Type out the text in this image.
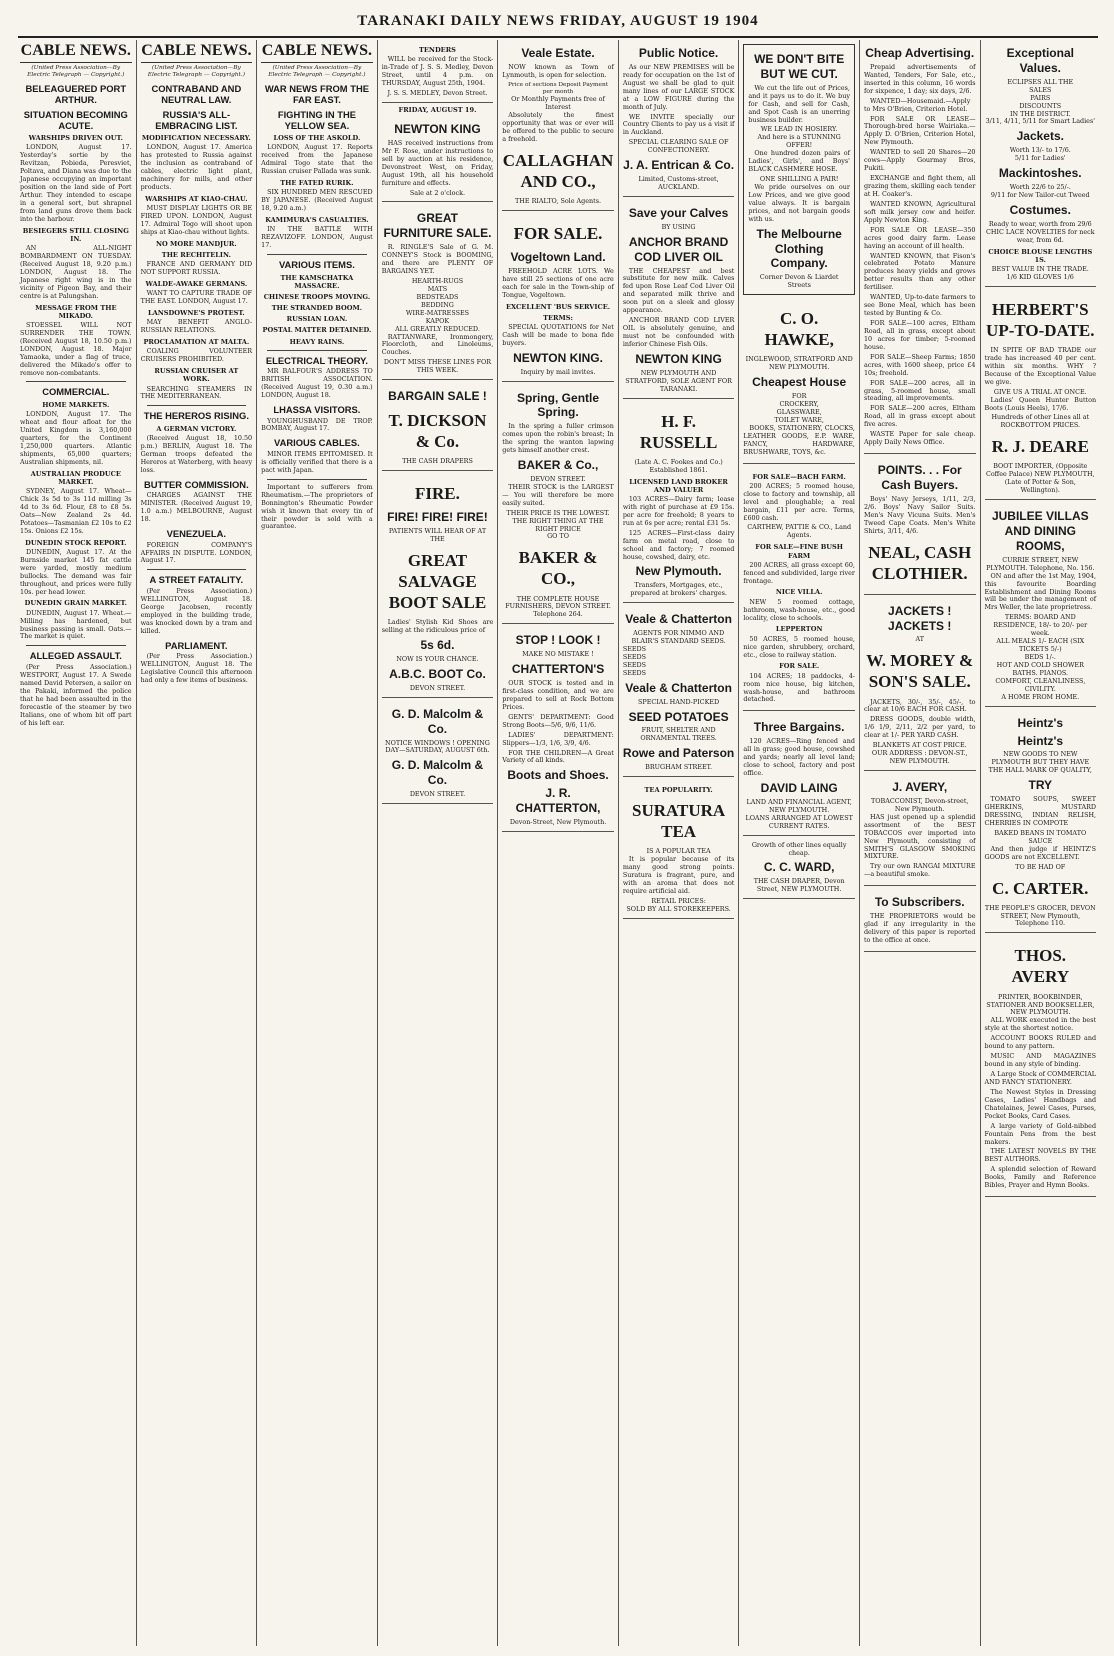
TARANAKI DAILY NEWS FRIDAY, AUGUST 19 1904
CABLE NEWS.
(United Press Association—By Electric Telegraph — Copyright.)
BELEAGUERED PORT ARTHUR.
SITUATION BECOMING ACUTE.
WARSHIPS DRIVEN OUT.

LONDON, August 17. Yesterday's sortie by the Revitzan, Pobieda, Peresviet, Poltava, and Diana was due to the Japanese occupying an important position on the land side of Port Arthur. They intended to escape in a general sort, but shrapnel from land guns drove them back into the harbour.

BESIEGERS STILL CLOSING IN.

AN ALL-NIGHT BOMBARDMENT ON TUESDAY. (Received August 18, 9.20 p.m.) LONDON, August 18. The Japanese right wing is in the vicinity of Pigeon Bay, and their centre is at Palungshan.

MESSAGE FROM THE MIKADO.

STOESSEL WILL NOT SURRENDER THE TOWN. (Received August 18, 10.50 p.m.) LONDON, August 18. Major Yamaoka, under a flag of truce, delivered the Mikado's offer to remove non-combatants.

COMMERCIAL.
HOME MARKETS.

LONDON, August 17. The wheat and flour afloat for the United Kingdom is 3,160,000 quarters, for the Continent 1,250,000 quarters. Atlantic shipments, 65,000 quarters; Australian shipments, nil.

AUSTRALIAN PRODUCE MARKET.

SYDNEY, August 17. Wheat—Chick 3s 5d to 3s 11d milling 3s 4d to 3s 6d. Flour, £8 to £8 5s. Oats—New Zealand 2s 4d. Potatoes—Tasmanian £2 10s to £2 15s. Onions £2 15s.

DUNEDIN STOCK REPORT.

DUNEDIN, August 17. At the Burnside market 145 fat cattle were yarded, mostly medium bullocks. The demand was fair throughout, and prices were fully 10s. per head lower.

DUNEDIN GRAIN MARKET.

DUNEDIN, August 17. Wheat.—Milling has hardened, but business passing is small. Oats.—The market is quiet.

ALLEGED ASSAULT.

(Per Press Association.) WESTPORT, August 17. A Swede named David Petersen, a sailor on the Pakaki, informed the police that he had been assaulted in the forecastle of the steamer by two Italians, one of whom bit off part of his left ear.

CABLE NEWS.
(United Press Association—By Electric Telegraph — Copyright.)
CONTRABAND AND NEUTRAL LAW.
RUSSIA'S ALL-EMBRACING LIST.
MODIFICATION NECESSARY.

LONDON, August 17. America has protested to Russia against the inclusion as contraband of cables, electric light plant, machinery for mills, and other products.

WARSHIPS AT KIAO-CHAU.

MUST DISPLAY LIGHTS OR BE FIRED UPON. LONDON, August 17. Admiral Togo will shoot upon ships at Kiao-chau without lights.

NO MORE MANDJUR.
THE RECHITELIN.

FRANCE AND GERMANY DID NOT SUPPORT RUSSIA.

WALDE-AWAKE GERMANS.

WANT TO CAPTURE TRADE OF THE EAST. LONDON, August 17.

LANSDOWNE'S PROTEST.

MAY BENEFIT ANGLO-RUSSIAN RELATIONS.

PROCLAMATION AT MALTA.

COALING VOLUNTEER CRUISERS PROHIBITED.

RUSSIAN CRUISER AT WORK.

SEARCHING STEAMERS IN THE MEDITERRANEAN.

THE HEREROS RISING.
A GERMAN VICTORY.

(Received August 18, 10.50 p.m.) BERLIN, August 18. The German troops defeated the Hereros at Waterberg, with heavy loss.

BUTTER COMMISSION.

CHARGES AGAINST THE MINISTER. (Received August 19, 1.0 a.m.) MELBOURNE, August 18.

VENEZUELA.

FOREIGN COMPANY'S AFFAIRS IN DISPUTE. LONDON, August 17.

A STREET FATALITY.

(Per Press Association.) WELLINGTON, August 18. George Jacobsen, recently employed in the building trade, was knocked down by a tram and killed.

PARLIAMENT.

(Per Press Association.) WELLINGTON, August 18. The Legislative Council this afternoon had only a few items of business.

CABLE NEWS.
(United Press Association—By Electric Telegraph — Copyright.)
WAR NEWS FROM THE FAR EAST.
FIGHTING IN THE YELLOW SEA.
LOSS OF THE ASKOLD.

LONDON, August 17. Reports received from the Japanese Admiral Togo state that the Russian cruiser Pallada was sunk.

THE FATED RURIK.

SIX HUNDRED MEN RESCUED BY JAPANESE. (Received August 18, 9.20 a.m.)

KAMIMURA'S CASUALTIES.

IN THE BATTLE WITH REZAVIZOFF. LONDON, August 17.

VARIOUS ITEMS.
THE KAMSCHATKA MASSACRE.
CHINESE TROOPS MOVING.
THE STRANDED BOOM.
RUSSIAN LOAN.
POSTAL MATTER DETAINED.
HEAVY RAINS.
ELECTRICAL THEORY.

MR BALFOUR'S ADDRESS TO BRITISH ASSOCIATION. (Received August 19, 0.30 a.m.) LONDON, August 18.

LHASSA VISITORS.

YOUNGHUSBAND DE TROP. BOMBAY, August 17.

VARIOUS CABLES.

MINOR ITEMS EPITOMISED. It is officially verified that there is a pact with Japan.

Important to sufferers from Rheumatism.—The proprietors of Bonnington's Rheumatic Powder wish it known that every tin of their powder is sold with a guarantee.

TENDERS

WILL be received for the Stock-in-Trade of J. S. S. Medley, Devon Street, until 4 p.m. on THURSDAY, August 25th, 1904.

J. S. S. MEDLEY, Devon Street.
FRIDAY, AUGUST 19.
NEWTON KING

HAS received instructions from Mr F. Rose, under instructions to sell by auction at his residence, Devonstreet West, on Friday, August 19th, all his household furniture and effects.

Sale at 2 o'clock.
GREAT FURNITURE SALE.

R. RINGLE'S Sale of G. M. CONNEY'S Stock is BOOMING, and there are PLENTY OF BARGAINS YET.

HEARTH-RUGS
MATS
BEDSTEADS
BEDDING
WIRE-MATRESSES
KAPOK
ALL GREATLY REDUCED.

RATTANWARE, Ironmongery, Floorcloth, and Linoleums, Couches.

DON'T MISS THESE LINES FOR THIS WEEK.
BARGAIN SALE !
T. DICKSON & Co.
THE CASH DRAPERS
FIRE.
FIRE! FIRE! FIRE!
PATIENTS WILL HEAR OF AT THE
GREAT SALVAGE BOOT SALE

Ladies' Stylish Kid Shoes are selling at the ridiculous price of

5s 6d.
NOW IS YOUR CHANCE.
A.B.C. BOOT Co.
DEVON STREET.
G. D. Malcolm & Co.
NOTICE WINDOWS ! OPENING DAY—SATURDAY, AUGUST 6th.
G. D. Malcolm & Co.
DEVON STREET.
Veale Estate.

NOW known as Town of Lynmouth, is open for selection.

Price of sections Deposit Payment per month
Or Monthly Payments free of Interest

Absolutely the finest opportunity that was or ever will be offered to the public to secure a freehold.

CALLAGHAN AND CO.,
THE RIALTO, Sole Agents.
FOR SALE.
Vogeltown Land.

FREEHOLD ACRE LOTS. We have still 25 sections of one acre each for sale in the Town-ship of Tongue, Vogeltown.

EXCELLENT 'BUS SERVICE.
TERMS:

SPECIAL QUOTATIONS for Net Cash will be made to bona fide buyers.

NEWTON KING.
Inquiry by mail invites.
Spring, Gentle Spring.

In the spring a fuller crimson comes upon the robin's breast; In the spring the wanton lapwing gets himself another crest.

BAKER & Co.,
DEVON STREET.

THEIR STOCK is the LARGEST— You will therefore be more easily suited.

THEIR PRICE IS THE LOWEST.
THE RIGHT THING AT THE RIGHT PRICE
GO TO
BAKER & CO.,
THE COMPLETE HOUSE FURNISHERS, DEVON STREET.
Telephone 264.
STOP ! LOOK !
MAKE NO MISTAKE !
CHATTERTON'S

OUR STOCK is tested and in first-class condition, and we are prepared to sell at Rock Bottom Prices.

GENTS' DEPARTMENT: Good Strong Boots—5/6, 9/6, 11/6.

LADIES' DEPARTMENT: Slippers—1/3, 1/6, 3/9, 4/6.

FOR THE CHILDREN—A Great Variety of all kinds.

Boots and Shoes.
J. R. CHATTERTON,
Devon-Street, New Plymouth.
Public Notice.

As our NEW PREMISES will be ready for occupation on the 1st of August we shall be glad to quit many lines of our LARGE STOCK at a LOW FIGURE during the month of July.

WE INVITE specially our Country Clients to pay us a visit if in Auckland.

SPECIAL CLEARING SALE OF CONFECTIONERY.
J. A. Entrican & Co.
Limited, Customs-street, AUCKLAND.
Save your Calves
BY USING
ANCHOR BRAND COD LIVER OIL

THE CHEAPEST and best substitute for new milk. Calves fed upon Rose Leaf Cod Liver Oil and separated milk thrive and soon put on a sleek and glossy appearance.

ANCHOR BRAND COD LIVER OIL is absolutely genuine, and must not be confounded with inferior Chinese Fish Oils.

NEWTON KING
NEW PLYMOUTH AND STRATFORD, SOLE AGENT FOR TARANAKI.
H. F. RUSSELL
(Late A. C. Fookes and Co.) Established 1861.
LICENSED LAND BROKER AND VALUER

103 ACRES—Dairy farm; lease with right of purchase at £9 15s. per acre for freehold; 8 years to run at 6s per acre; rental £31 5s.

125 ACRES—First-class dairy farm on metal road, close to school and factory; 7 roomed house, cowshed, dairy, etc.

New Plymouth.
Transfers, Mortgages, etc., prepared at brokers' charges.
Veale & Chatterton
AGENTS FOR NIMMO AND BLAIR'S STANDARD SEEDS.
SEEDS
SEEDS
SEEDS
SEEDS
Veale & Chatterton
SPECIAL HAND-PICKED
SEED POTATOES
FRUIT, SHELTER AND ORNAMENTAL TREES.
Rowe and Paterson
BRUGHAM STREET.
TEA POPULARITY.
SURATURA TEA
IS A POPULAR TEA

It is popular because of its many good strong points. Suratura is fragrant, pure, and with an aroma that does not require artificial aid.

RETAIL PRICES:
SOLD BY ALL STOREKEEPERS.
WE DON'T BITE BUT WE CUT.

We cut the life out of Prices, and it pays us to do it. We buy for Cash, and sell for Cash, and Spot Cash is an unerring business builder.

WE LEAD IN HOSIERY.
And here is a STUNNING OFFER!

One hundred dozen pairs of Ladies', Girls', and Boys' BLACK CASHMERE HOSE.

ONE SHILLING A PAIR!

We pride ourselves on our Low Prices, and we give good value always. It is bargain prices, and not bargain goods with us.

The Melbourne Clothing Company.
Corner Devon & Liardet Streets
C. O. HAWKE,
INGLEWOOD, STRATFORD AND NEW PLYMOUTH.
Cheapest House
FOR
CROCKERY,
GLASSWARE,
TOILET WARE,

BOOKS, STATIONERY, CLOCKS, LEATHER GOODS, E.P. WARE, FANCY, HARDWARE, BRUSHWARE, TOYS, &c.

FOR SALE—BACH FARM.

200 ACRES; 5 roomed house, close to factory and township, all level and ploughable; a real bargain, £11 per acre. Terms, £600 cash.

CARTHEW, PATTIE & CO., Land Agents.
FOR SALE—FINE BUSH FARM

200 ACRES, all grass except 60, fenced and subdivided, large river frontage.

NICE VILLA.

NEW 5 roomed cottage, bathroom, wash-house, etc., good locality, close to schools.

LEPPERTON

50 ACRES, 5 roomed house, nice garden, shrubbery, orchard, etc., close to railway station.

FOR SALE.

104 ACRES; 18 paddocks, 4-room nice house, big kitchen, wash-house, and bathroom detached.

Three Bargains.

120 ACRES—Ring fenced and all in grass; good house, cowshed and yards; nearly all level land; close to school, factory and post office.

DAVID LAING
LAND AND FINANCIAL AGENT, NEW PLYMOUTH.
LOANS ARRANGED AT LOWEST CURRENT RATES.
Growth of other lines equally cheap.
C. C. WARD,
THE CASH DRAPER, Devon Street, NEW PLYMOUTH.
Cheap Advertising.

Prepaid advertisements of Wanted, Tenders, For Sale, etc., inserted in this column, 16 words for sixpence, 1 day; six days, 2/6.

WANTED—Housemaid.—Apply to Mrs O'Brien, Criterion Hotel.

FOR SALE OR LEASE—Thorough-bred horse Wairiaka.—Apply D. O'Brien, Criterion Hotel, New Plymouth.

WANTED to sell 20 Shares—20 cows—Apply Gourmay Bros, Pukiti.

EXCHANGE and fight them, all grazing them, skilling each tender at H. Coaker's.

WANTED KNOWN, Agricultural soft milk jersey cow and heifer. Apply Newton King.

FOR SALE OR LEASE—350 acres good dairy farm. Lease having an account of ill health.

WANTED KNOWN, that Fison's celebrated Potato Manure produces heavy yields and grows better results than any other fertiliser.

WANTED, Up-to-date farmers to see Bone Meal, which has been tested by Bunting & Co.

FOR SALE—100 acres, Eltham Road, all in grass, except about 10 acres for timber; 5-roomed house.

FOR SALE—Sheep Farms; 1850 acres, with 1600 sheep, price £4 10s; freehold.

FOR SALE—200 acres, all in grass, 5-roomed house, small steading, all improvements.

FOR SALE—200 acres, Eltham Road, all in grass except about five acres.

WASTE Paper for sale cheap. Apply Daily News Office.

POINTS. . . For Cash Buyers.

Boys' Navy Jerseys, 1/11, 2/3, 2/6. Boys' Navy Sailor Suits. Men's Navy Vicuna Suits. Men's Tweed Cape Coats. Men's White Shirts, 3/11, 4/6.

NEAL, CASH CLOTHIER.
JACKETS ! JACKETS !
AT
W. MOREY & SON'S SALE.

JACKETS, 30/-, 35/-, 45/-, to clear at 10/6 EACH FOR CASH.

DRESS GOODS, double width, 1/6 1/9, 2/11, 2/2 per yard, to clear at 1/- PER YARD CASH.

BLANKETS AT COST PRICE.
OUR ADDRESS : DEVON-ST., NEW PLYMOUTH.
J. AVERY,
TOBACCONIST, Devon-street, New Plymouth.

HAS just opened up a splendid assortment of the BEST TOBACCOS ever imported into New Plymouth, consisting of SMITH'S GLASGOW SMOKING MIXTURE.

Try our own RANGAI MIXTURE —a beautiful smoke.

To Subscribers.

THE PROPRIETORS would be glad if any irregularity in the delivery of this paper is reported to the office at once.

Exceptional Values.
ECLIPSES ALL THE
SALES
PAIRS
DISCOUNTS
IN THE DISTRICT.
3/11, 4/11, 5/11 for Smart Ladies'
Jackets.
Worth 13/- to 17/6.
5/11 for Ladies'
Mackintoshes.
Worth 22/6 to 25/-.
9/11 for New Tailor-cut Tweed
Costumes.
Ready to wear, worth from 29/6
CHIC LACE NOVELTIES for neck wear, from 6d.
CHOICE BLOUSE LENGTHS 1S.
BEST VALUE IN THE TRADE.
1/6 KID GLOVES 1/6
HERBERT'S UP-TO-DATE.

IN SPITE OF BAD TRADE our trade has increased 40 per cent. within six months. WHY ? Because of the Exceptional Value we give.

GIVE US A TRIAL AT ONCE.

Ladies' Queen Hunter Button Boots (Louis Heels), 17/6.

Hundreds of other Lines all at ROCKBOTTOM PRICES.
R. J. DEARE
BOOT IMPORTER, (Opposite Coffee Palace) NEW PLYMOUTH, (Late of Potter & Son, Wellington).
JUBILEE VILLAS AND DINING ROOMS,
CURRIE STREET, NEW PLYMOUTH. Telephone, No. 156.

ON and after the 1st May, 1904, this favourite Boarding Establishment and Dining Rooms will be under the management of Mrs Weller, the late proprietress.

TERMS: BOARD AND RESIDENCE, 18/- to 20/- per week.
ALL MEALS 1/- EACH (SIX TICKETS 5/-)
BEDS 1/-.
HOT AND COLD SHOWER BATHS. PIANOS.
COMFORT, CLEANLINESS, CIVILITY.
A HOME FROM HOME.
Heintz's
Heintz's
NEW GOODS TO NEW PLYMOUTH BUT THEY HAVE THE HALL MARK OF QUALITY,
TRY

TOMATO SOUPS, SWEET GHERKINS, MUSTARD DRESSING, INDIAN RELISH, CHERRIES IN COMPOTE

BAKED BEANS IN TOMATO SAUCE

And then judge if HEINTZ'S GOODS are not EXCELLENT.

TO BE HAD OF
C. CARTER.
THE PEOPLE'S GROCER, DEVON STREET, New Plymouth, Telephone 110.
THOS. AVERY
PRINTER, BOOKBINDER, STATIONER AND BOOKSELLER, NEW PLYMOUTH.

ALL WORK executed in the best style at the shortest notice.

ACCOUNT BOOKS RULED and bound to any pattern.

MUSIC AND MAGAZINES bound in any style of binding.

A Large Stock of COMMERCIAL AND FANCY STATIONERY.

The Newest Styles in Dressing Cases, Ladies' Handbags and Chatelaines, Jewel Cases, Purses, Pocket Books, Card Cases.

A large variety of Gold-nibbed Fountain Pens from the best makers.

THE LATEST NOVELS BY THE BEST AUTHORS.

A splendid selection of Reward Books, Family and Reference Bibles, Prayer and Hymn Books.
